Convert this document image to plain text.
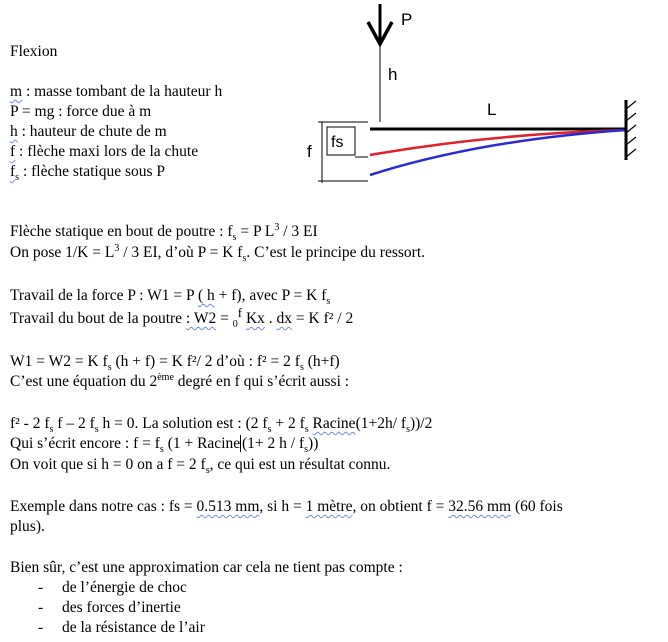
Flexion
m : masse tombant de la hauteur h
P = mg : force due à m
h : hauteur de chute de m
f : flèche maxi lors de la chute
$f_s$ : flèche statique sous P
P
h
L
fs
f
Flèche statique en bout de poutre : $f_s = P$ $L^3 / 3$ EI
On pose $1/K = L^3 / 3$ EI, d’où P = K $f_s$. C’est le principe du ressort.
Travail de la force P : W1 = P ( h + f), avec P = K $f_s$
Travail du bout de la poutre : W2 = $_0^f$ Kx . dx = K f² / 2
W1 = W2 = K $f_s$ (h + f) = K f²/ 2 d’où : f² = 2 $f_s$ (h+f)
C’est une équation du 2ème degré en f qui s’écrit aussi :
f² - 2 $f_s$ f – 2 $f_s$ h = 0. La solution est : (2 $f_s + 2$ $f_s$ Racine(1+2h/ $f_s))/2$
Qui s’écrit encore : $f = f_s$ (1 + Racine (1+ 2 h / $f_s$))
On voit que si h = 0 on a f = 2 $f_s$, ce qui est un résultat connu.
Exemple dans notre cas : fs = 0.513 mm, si h = 1 mètre, on obtient f = 32.56 mm (60 fois
plus).
Bien sûr, c’est une approximation car cela ne tient pas compte :
- de l’énergie de choc
- des forces d’inertie
- de la résistance de l’air
